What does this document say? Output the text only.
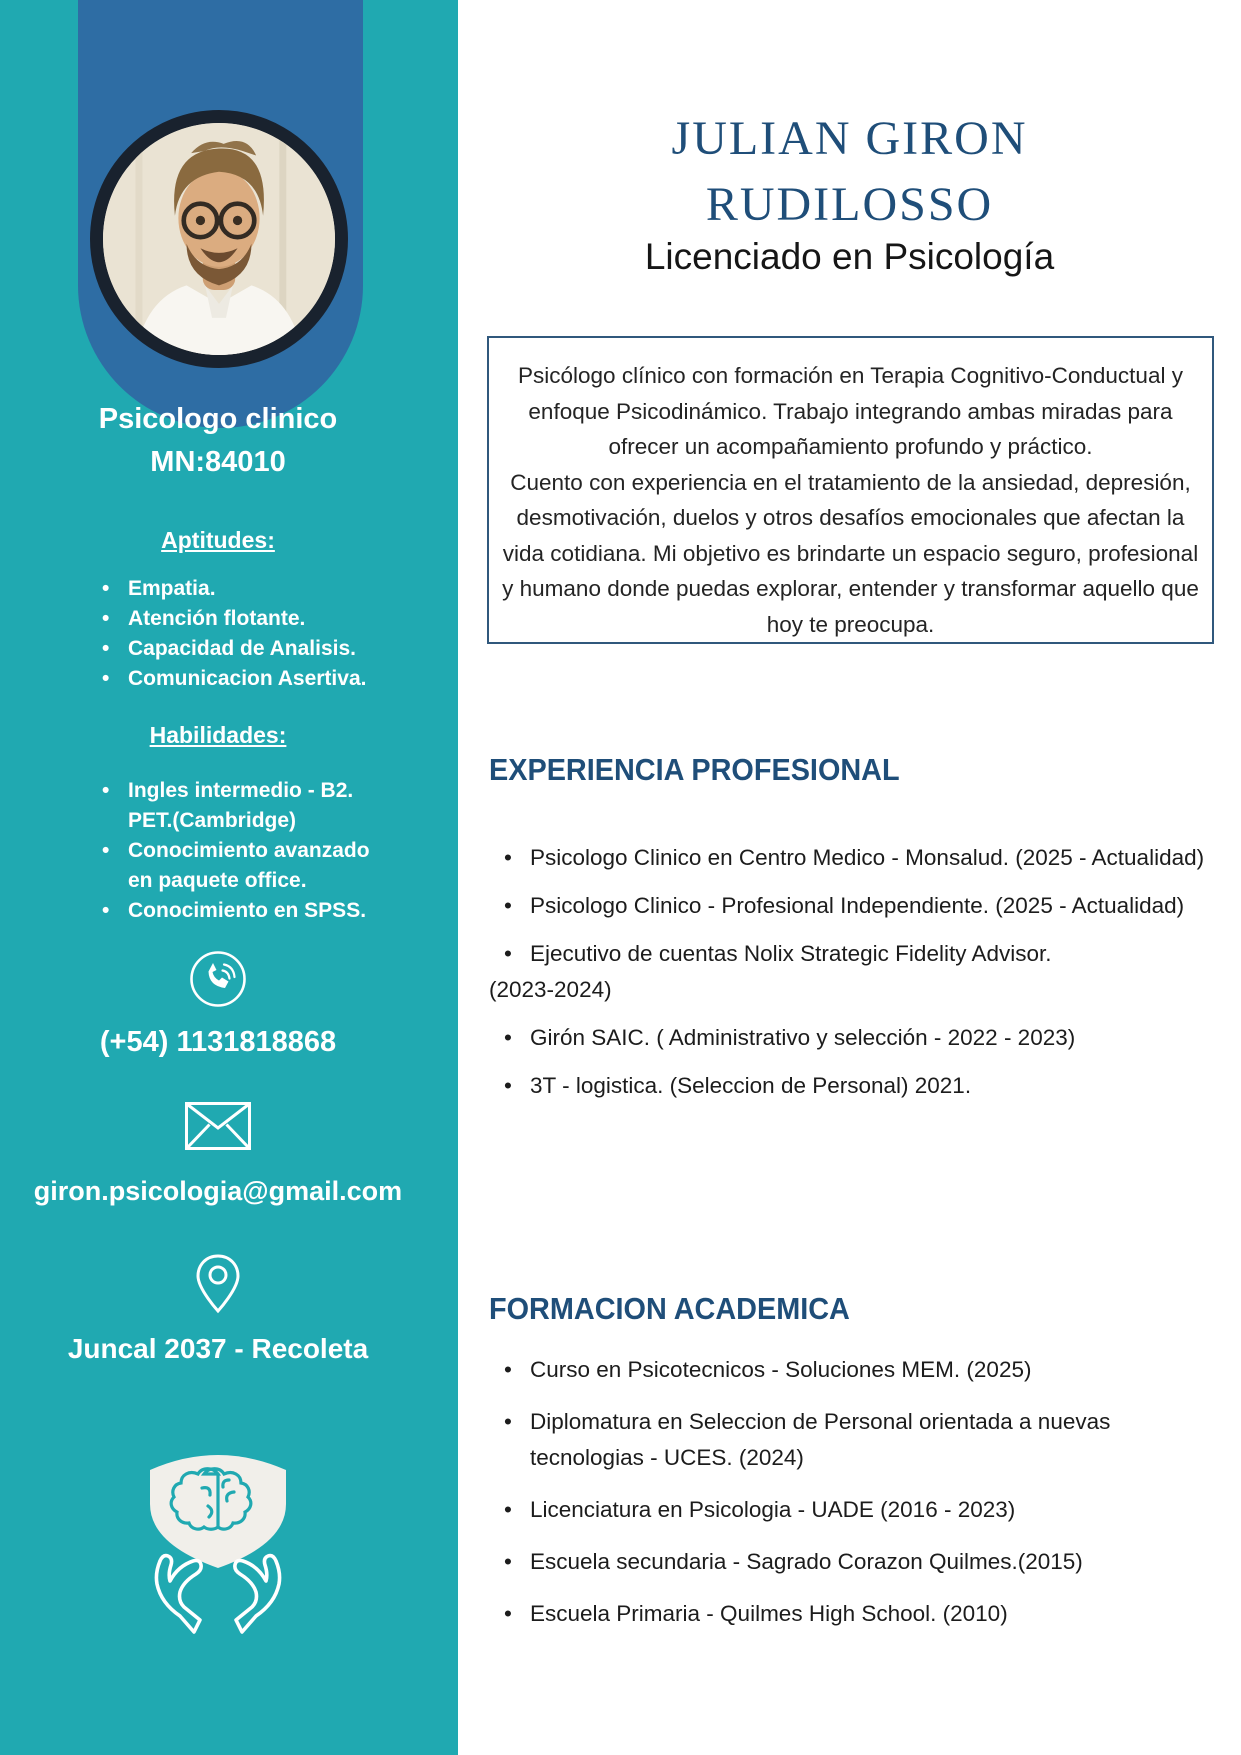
Psicologo clinico
MN:84010
Aptitudes:
• Empatia.
• Atención flotante.
• Capacidad de Analisis.
• Comunicacion Asertiva.
Habilidades:
• Ingles intermedio - B2. PET.(Cambridge)
• Conocimiento avanzado en paquete office.
• Conocimiento en SPSS.
(+54) 1131818868
giron.psicologia@gmail.com
Juncal 2037 - Recoleta
JULIAN GIRON
RUDILOSSO
Licenciado en Psicología

Psicólogo clínico con formación en Terapia Cognitivo-Conductual y enfoque Psicodinámico. Trabajo integrando ambas miradas para ofrecer un acompañamiento profundo y práctico.

Cuento con experiencia en el tratamiento de la ansiedad, depresión, desmotivación, duelos y otros desafíos emocionales que afectan la vida cotidiana. Mi objetivo es brindarte un espacio seguro, profesional y humano donde puedas explorar, entender y transformar aquello que hoy te preocupa.

EXPERIENCIA PROFESIONAL
• Psicologo Clinico en Centro Medico - Monsalud. (2025 - Actualidad)
• Psicologo Clinico - Profesional Independiente. (2025 - Actualidad)
• Ejecutivo de cuentas Nolix Strategic Fidelity Advisor.
(2023-2024)
• Girón SAIC. ( Administrativo y selección - 2022 - 2023)
• 3T - logistica. (Seleccion de Personal) 2021.
FORMACION ACADEMICA
• Curso en Psicotecnicos - Soluciones MEM. (2025)
• Diplomatura en Seleccion de Personal orientada a nuevas tecnologias - UCES. (2024)
• Licenciatura en Psicologia - UADE (2016 - 2023)
• Escuela secundaria - Sagrado Corazon Quilmes.(2015)
• Escuela Primaria - Quilmes High School. (2010)
